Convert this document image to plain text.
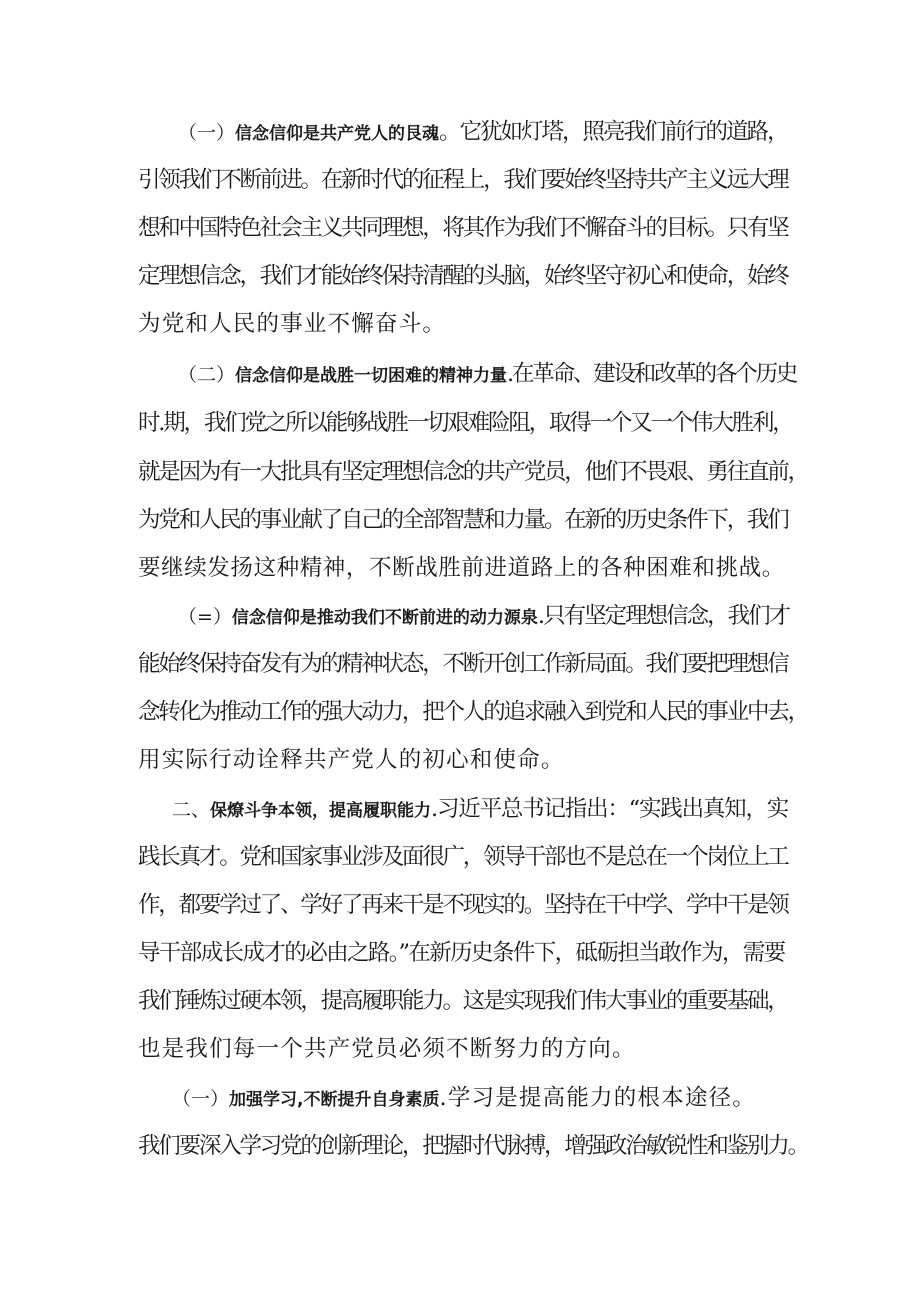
（一）信念信仰是共产党人的艮魂。它犹如灯塔，照亮我们前行的道路，
引领我们不断前进。在新时代的征程上，我们要始终坚持共产主义远大理
想和中国特色社会主义共同理想，将其作为我们不懈奋斗的目标。只有坚
定理想信念，我们才能始终保持清醒的头脑，始终坚守初心和使命，始终
为党和人民的事业不懈奋斗。
（二）信念信仰是战胜一切困难的精神力量.在革命、建设和改革的各个历史
时.期，我们党之所以能够战胜一切艰难险阻，取得一个又一个伟大胜利，
就是因为有一大批具有坚定理想信念的共产党员，他们不畏艰、勇往直前，
为党和人民的事业献了自己的全部智慧和力量。在新的历史条件下，我们
要继续发扬这种精神，不断战胜前进道路上的各种困难和挑战。
（=）信念信仰是推动我们不断前进的动力源泉.只有坚定理想信念，我们才
能始终保持奋发有为的精神状态，不断开创工作新局面。我们要把理想信
念转化为推动工作的强大动力，把个人的追求融入到党和人民的事业中去，
用实际行动诠释共产党人的初心和使命。
二、保燎斗争本领，提高履职能力.习近平总书记指出：“实践出真知，实
践长真才。党和国家事业涉及面很广，领导干部也不是总在一个岗位上工
作，都要学过了、学好了再来干是不现实的。坚持在干中学、学中干是领
导干部成长成才的必由之路。”在新历史条件下，砥砺担当敢作为，需要
我们锤炼过硬本领，提高履职能力。这是实现我们伟大事业的重要基础，
也是我们每一个共产党员必须不断努力的方向。
（一）加强学习,不断提升自身素质.学习是提高能力的根本途径。
我们要深入学习党的创新理论，把握时代脉搏，增强政治敏锐性和鉴别力。
